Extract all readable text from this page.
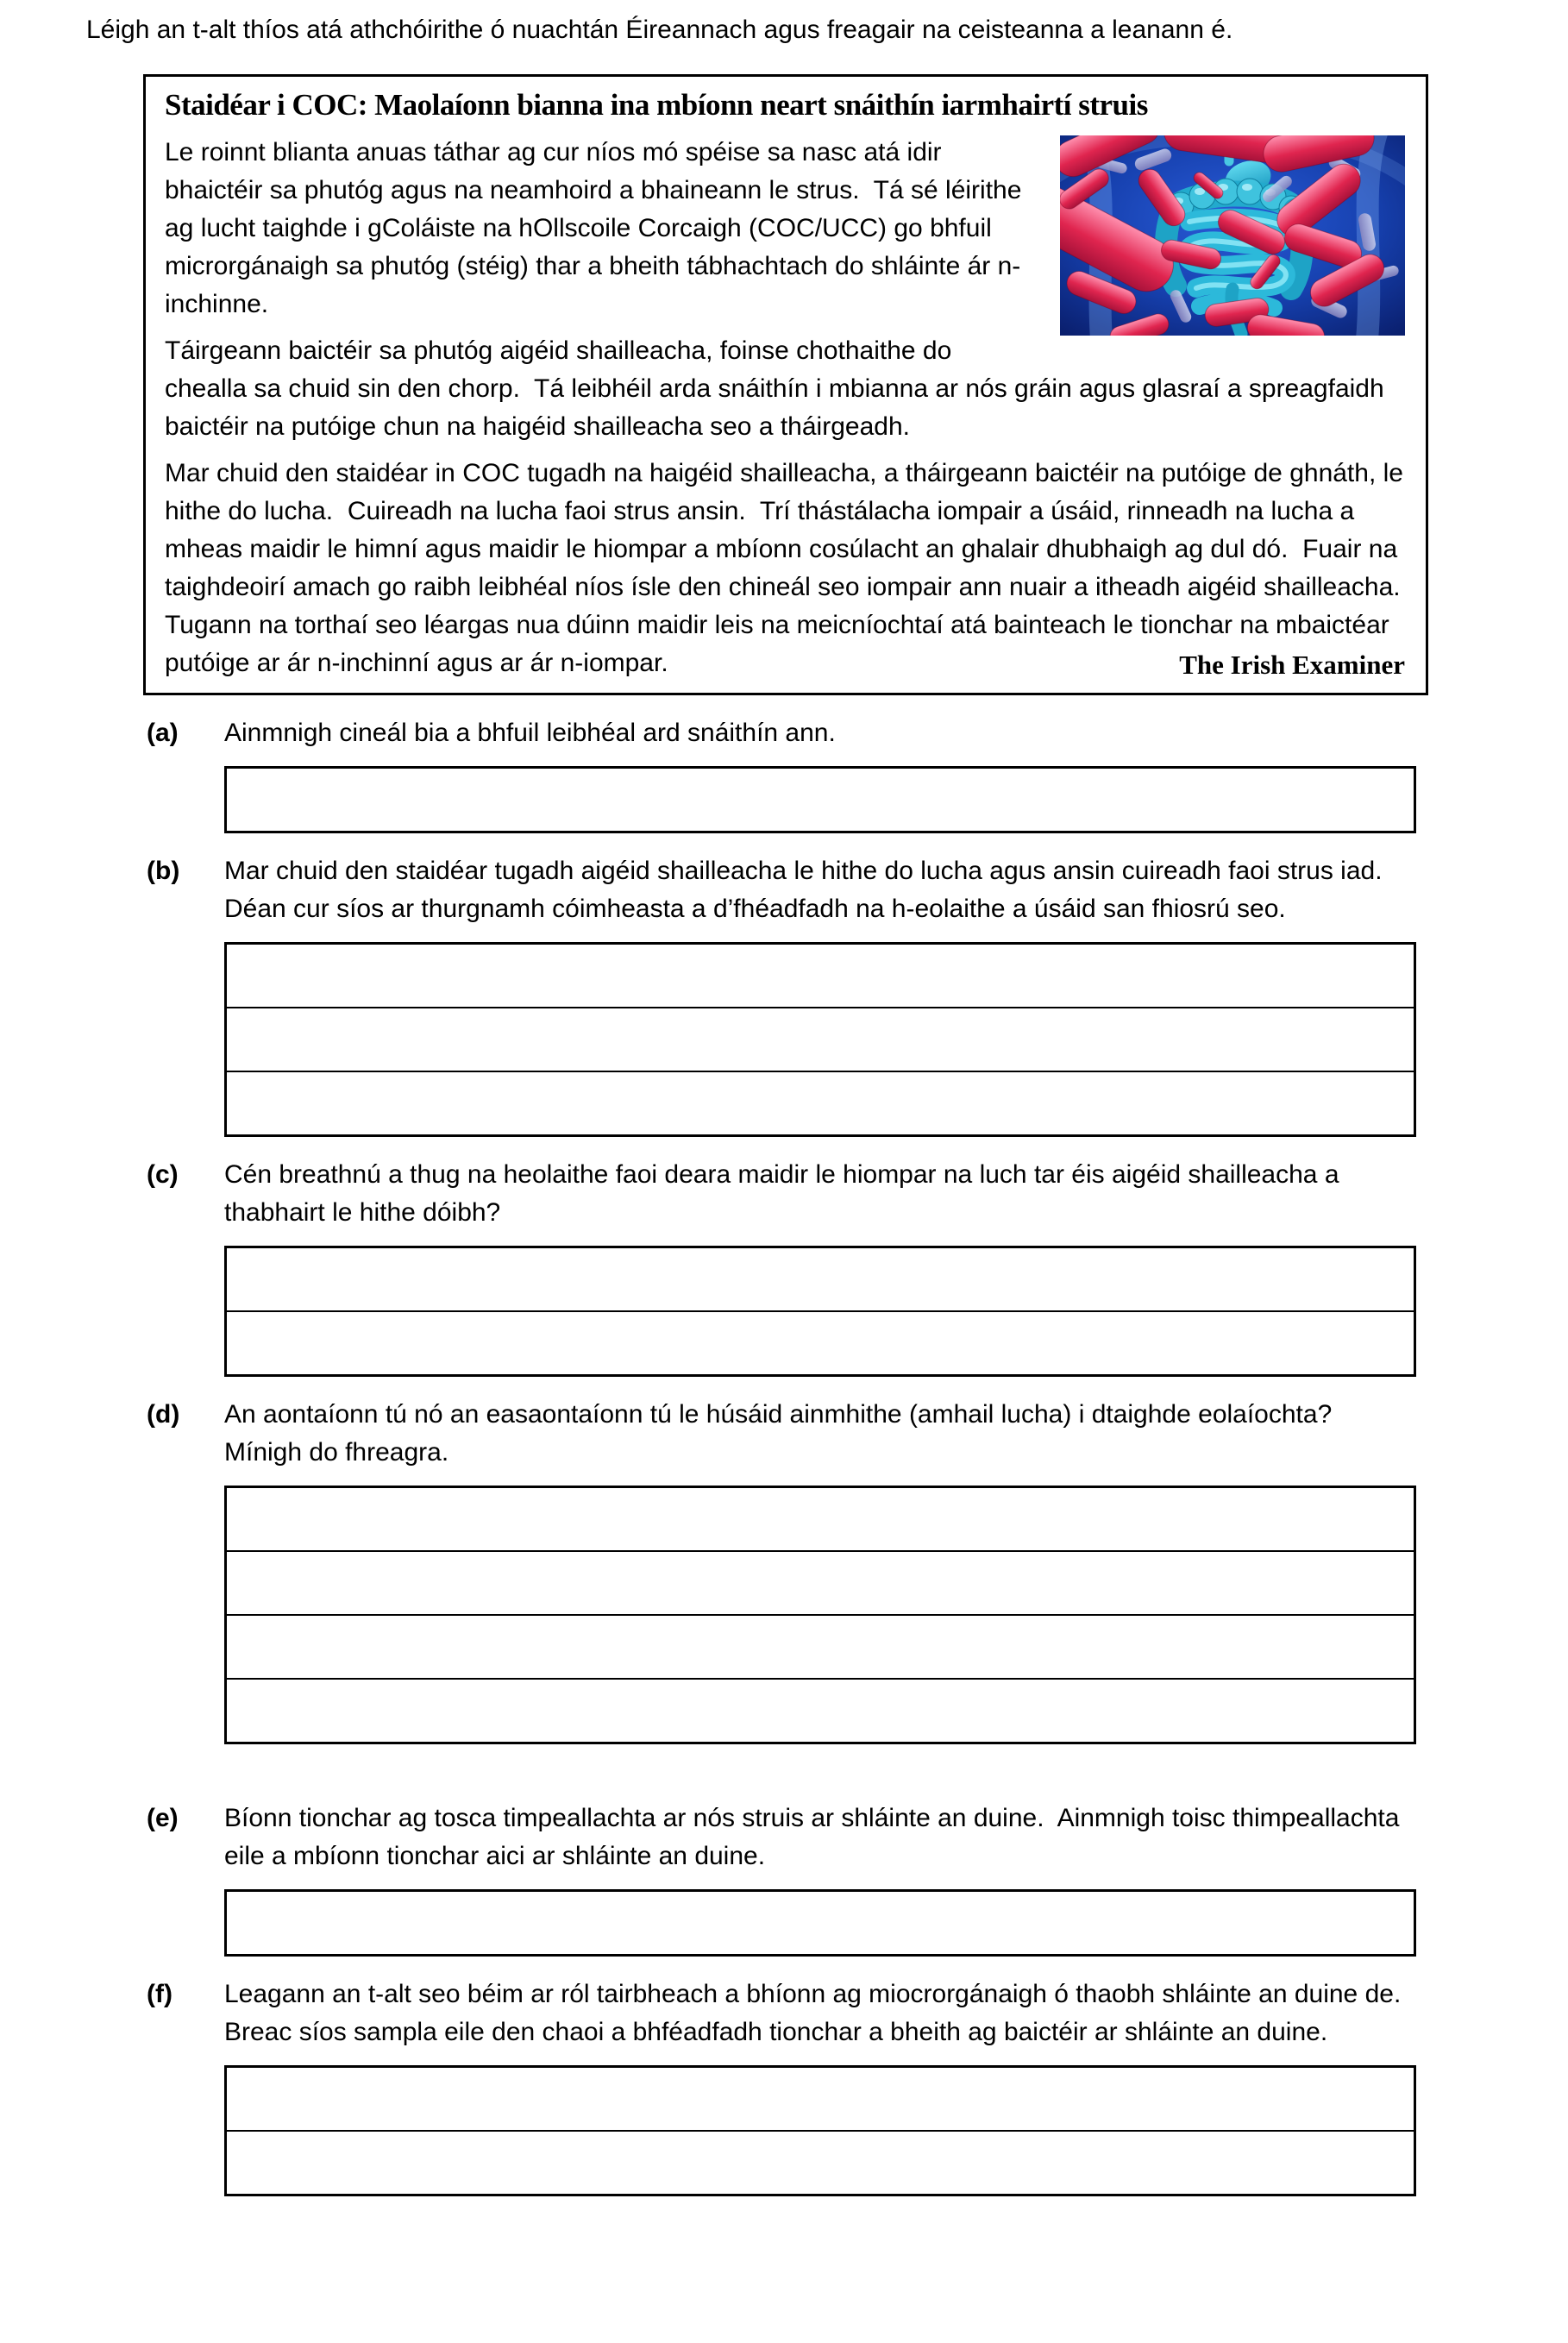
Léigh an t-alt thíos atá athchóirithe ó nuachtán Éireannach agus freagair na ceisteanna a leanann é.
Staidéar i COC: Maolaíonn bianna ina mbíonn neart snáithín iarmhairtí struis

Le roinnt blianta anuas táthar ag cur níos mó spéise sa nasc atá idir bhaictéir sa phutóg agus na neamhoird a bhaineann le strus.  Tá sé léirithe ag lucht taighde i gColáiste na hOllscoile Corcaigh (COC/UCC) go bhfuil microrgánaigh sa phutóg (stéig) thar a bheith tábhachtach do shláinte ár n-inchinne.

Táirgeann baictéir sa phutóg aigéid shailleacha, foinse chothaithe do chealla sa chuid sin den chorp.  Tá leibhéil arda snáithín i mbianna ar nós gráin agus glasraí a spreagfaidh baictéir na putóige chun na haigéid shailleacha seo a tháirgeadh.

Mar chuid den staidéar in COC tugadh na haigéid shailleacha, a tháirgeann baictéir na putóige de ghnáth, le hithe do lucha.  Cuireadh na lucha faoi strus ansin.  Trí thástálacha iompair a úsáid, rinneadh na lucha a mheas maidir le himní agus maidir le hiompar a mbíonn cosúlacht an ghalair dhubhaigh ag dul dó.  Fuair na taighdeoirí amach go raibh leibhéal níos ísle den chineál seo iompair ann nuair a itheadh aigéid shailleacha.  Tugann na torthaí seo léargas nua dúinn maidir leis na meicníochtaí atá bainteach le tionchar na mbaictéar putóige ar ár n-inchinní agus ar ár n-iompar.	The Irish Examiner
(a)	Ainmnigh cineál bia a bhfuil leibhéal ard snáithín ann.

(b)	Mar chuid den staidéar tugadh aigéid shailleacha le hithe do lucha agus ansin cuireadh faoi strus iad.  Déan cur síos ar thurgnamh cóimheasta a d’fhéadfadh na h-eolaithe a úsáid san fhiosrú seo.

(c)	Cén breathnú a thug na heolaithe faoi deara maidir le hiompar na luch tar éis aigéid shailleacha a thabhairt le hithe dóibh?

(d)	An aontaíonn tú nó an easaontaíonn tú le húsáid ainmhithe (amhail lucha) i dtaighde eolaíochta?  Mínigh do fhreagra.

(e)	Bíonn tionchar ag tosca timpeallachta ar nós struis ar shláinte an duine.  Ainmnigh toisc thimpeallachta eile a mbíonn tionchar aici ar shláinte an duine.

(f)	Leagann an t-alt seo béim ar ról tairbheach a bhíonn ag miocrorgánaigh ó thaobh shláinte an duine de.  Breac síos sampla eile den chaoi a bhféadfadh tionchar a bheith ag baictéir ar shláinte an duine.
